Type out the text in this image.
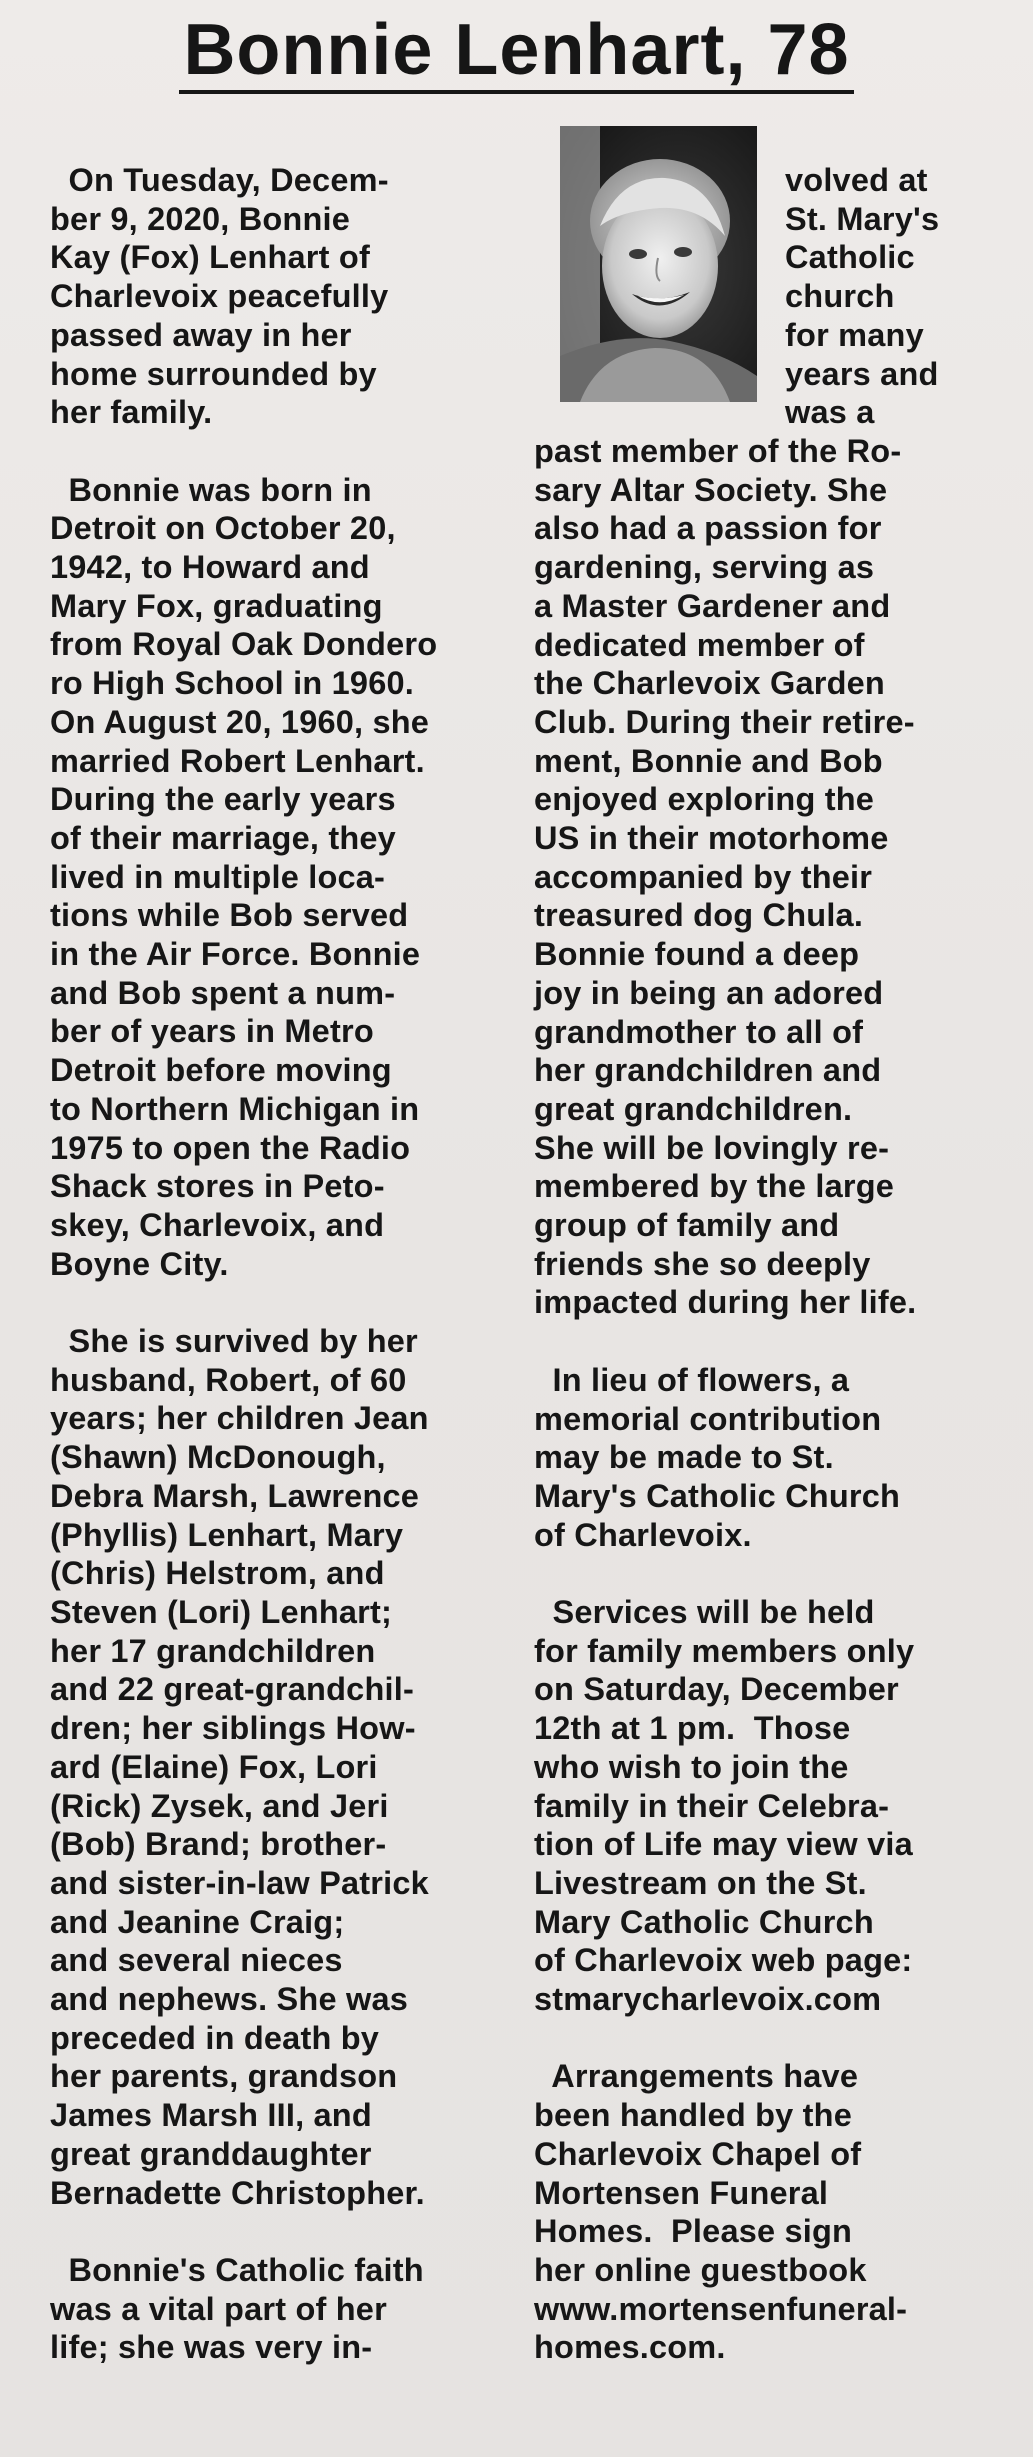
Bonnie Lenhart, 78

On Tuesday, Decem-
ber 9, 2020, Bonnie
Kay (Fox) Lenhart of
Charlevoix peacefully
passed away in her
home surrounded by
her family.

Bonnie was born in
Detroit on October 20,
1942, to Howard and
Mary Fox, graduating
from Royal Oak Dondero
ro High School in 1960.
On August 20, 1960, she
married Robert Lenhart.
During the early years
of their marriage, they
lived in multiple loca-
tions while Bob served
in the Air Force. Bonnie
and Bob spent a num-
ber of years in Metro
Detroit before moving
to Northern Michigan in
1975 to open the Radio
Shack stores in Peto-
skey, Charlevoix, and
Boyne City.

She is survived by her
husband, Robert, of 60
years; her children Jean
(Shawn) McDonough,
Debra Marsh, Lawrence
(Phyllis) Lenhart, Mary
(Chris) Helstrom, and
Steven (Lori) Lenhart;
her 17 grandchildren
and 22 great-grandchil-
dren; her siblings How-
ard (Elaine) Fox, Lori
(Rick) Zysek, and Jeri
(Bob) Brand; brother-
and sister-in-law Patrick
and Jeanine Craig;
and several nieces
and nephews. She was
preceded in death by
her parents, grandson
James Marsh III, and
great granddaughter
Bernadette Christopher.

Bonnie's Catholic faith
was a vital part of her
life; she was very in-

volved at
St. Mary's
Catholic
church
for many
years and
was a

past member of the Ro-
sary Altar Society. She
also had a passion for
gardening, serving as
a Master Gardener and
dedicated member of
the Charlevoix Garden
Club. During their retire-
ment, Bonnie and Bob
enjoyed exploring the
US in their motorhome
accompanied by their
treasured dog Chula.
Bonnie found a deep
joy in being an adored
grandmother to all of
her grandchildren and
great grandchildren.
She will be lovingly re-
membered by the large
group of family and
friends she so deeply
impacted during her life.

In lieu of flowers, a
memorial contribution
may be made to St.
Mary's Catholic Church
of Charlevoix.

Services will be held
for family members only
on Saturday, December
12th at 1 pm.  Those
who wish to join the
family in their Celebra-
tion of Life may view via
Livestream on the St.
Mary Catholic Church
of Charlevoix web page:
stmarycharlevoix.com

Arrangements have
been handled by the
Charlevoix Chapel of
Mortensen Funeral
Homes.  Please sign
her online guestbook
www.mortensenfuneral-
homes.com.
